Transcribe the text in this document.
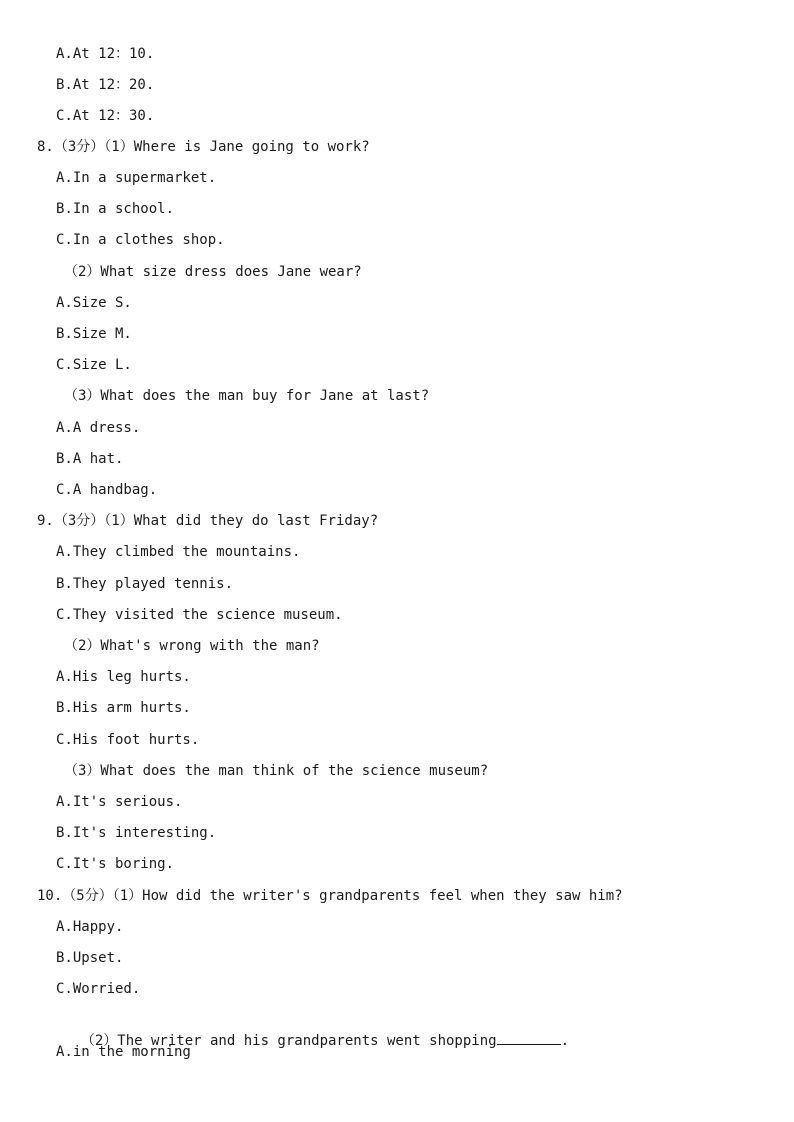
A.At 12：10.
B.At 12：20.
C.At 12：30.
8.（3分）（1）Where is Jane going to work?
A.In a supermarket.
B.In a school.
C.In a clothes shop.
（2）What size dress does Jane wear?
A.Size S.
B.Size M.
C.Size L.
（3）What does the man buy for Jane at last?
A.A dress.
B.A hat.
C.A handbag.
9.（3分）（1）What did they do last Friday?
A.They climbed the mountains.
B.They played tennis.
C.They visited the science museum.
（2）What's wrong with the man?
A.His leg hurts.
B.His arm hurts.
C.His foot hurts.
（3）What does the man think of the science museum?
A.It's serious.
B.It's interesting.
C.It's boring.
10.（5分）（1）How did the writer's grandparents feel when they saw him?
A.Happy.
B.Upset.
C.Worried.

（2）The writer and his grandparents went shopping	.

A.in the morning
